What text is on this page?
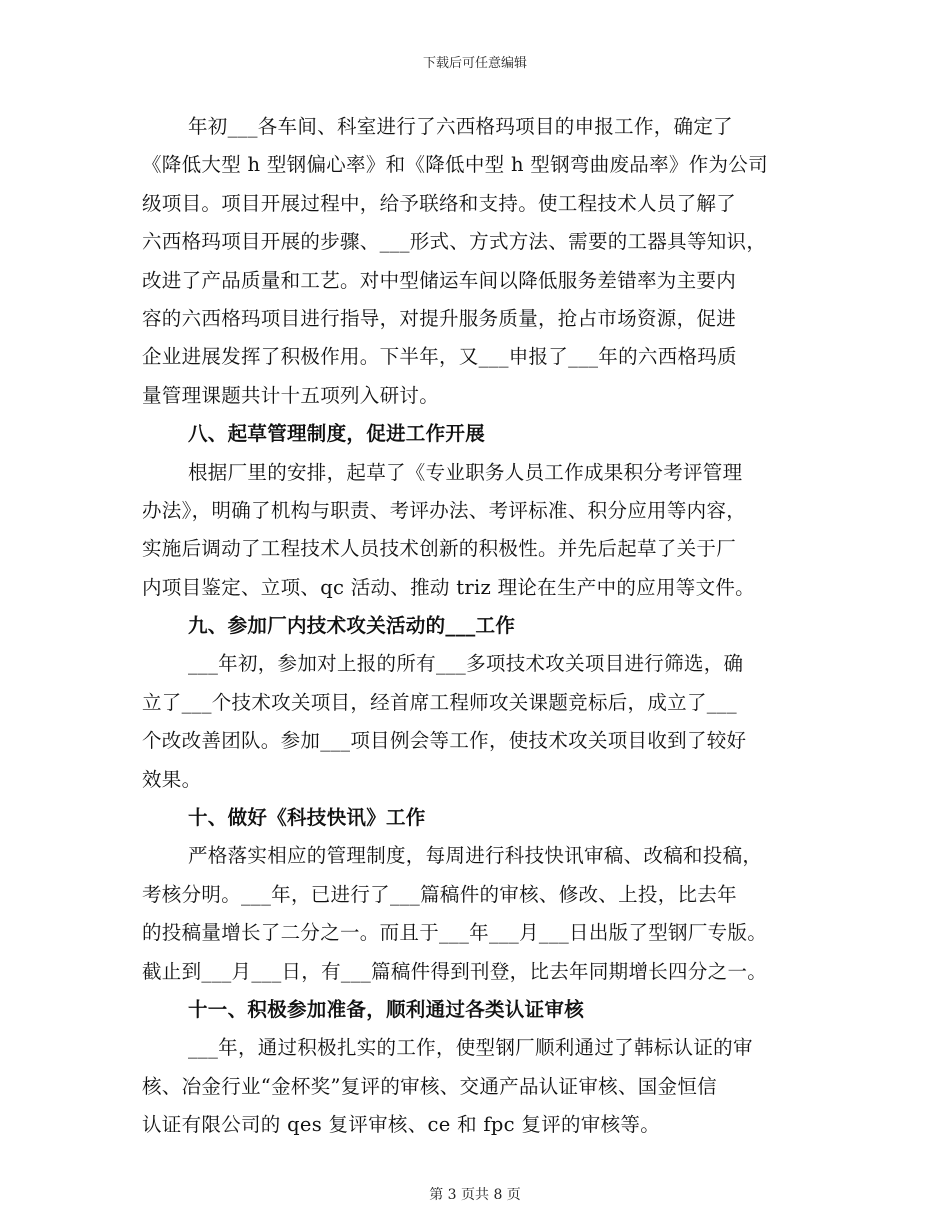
下载后可任意编辑
年初___各车间、科室进行了六西格玛项目的申报工作，确定了
《降低大型 h 型钢偏心率》和《降低中型 h 型钢弯曲废品率》作为公司
级项目。项目开展过程中，给予联络和支持。使工程技术人员了解了
六西格玛项目开展的步骤、___形式、方式方法、需要的工器具等知识，
改进了产品质量和工艺。对中型储运车间以降低服务差错率为主要内
容的六西格玛项目进行指导，对提升服务质量，抢占市场资源，促进
企业进展发挥了积极作用。下半年，又___申报了___年的六西格玛质
量管理课题共计十五项列入研讨。
八、起草管理制度，促进工作开展
根据厂里的安排，起草了《专业职务人员工作成果积分考评管理
办法》，明确了机构与职责、考评办法、考评标准、积分应用等内容，
实施后调动了工程技术人员技术创新的积极性。并先后起草了关于厂
内项目鉴定、立项、qc 活动、推动 triz 理论在生产中的应用等文件。
九、参加厂内技术攻关活动的___工作
___年初，参加对上报的所有___多项技术攻关项目进行筛选，确
立了___个技术攻关项目，经首席工程师攻关课题竞标后，成立了___
个改改善团队。参加___项目例会等工作，使技术攻关项目收到了较好
效果。
十、做好《科技快讯》工作
严格落实相应的管理制度，每周进行科技快讯审稿、改稿和投稿，
考核分明。___年，已进行了___篇稿件的审核、修改、上投，比去年
的投稿量增长了二分之一。而且于___年___月___日出版了型钢厂专版。
截止到___月___日，有___篇稿件得到刊登，比去年同期增长四分之一。
十一、积极参加准备，顺利通过各类认证审核
___年，通过积极扎实的工作，使型钢厂顺利通过了韩标认证的审
核、冶金行业“金杯奖”复评的审核、交通产品认证审核、国金恒信
认证有限公司的 qes 复评审核、ce 和 fpc 复评的审核等。
第 3 页共 8 页
